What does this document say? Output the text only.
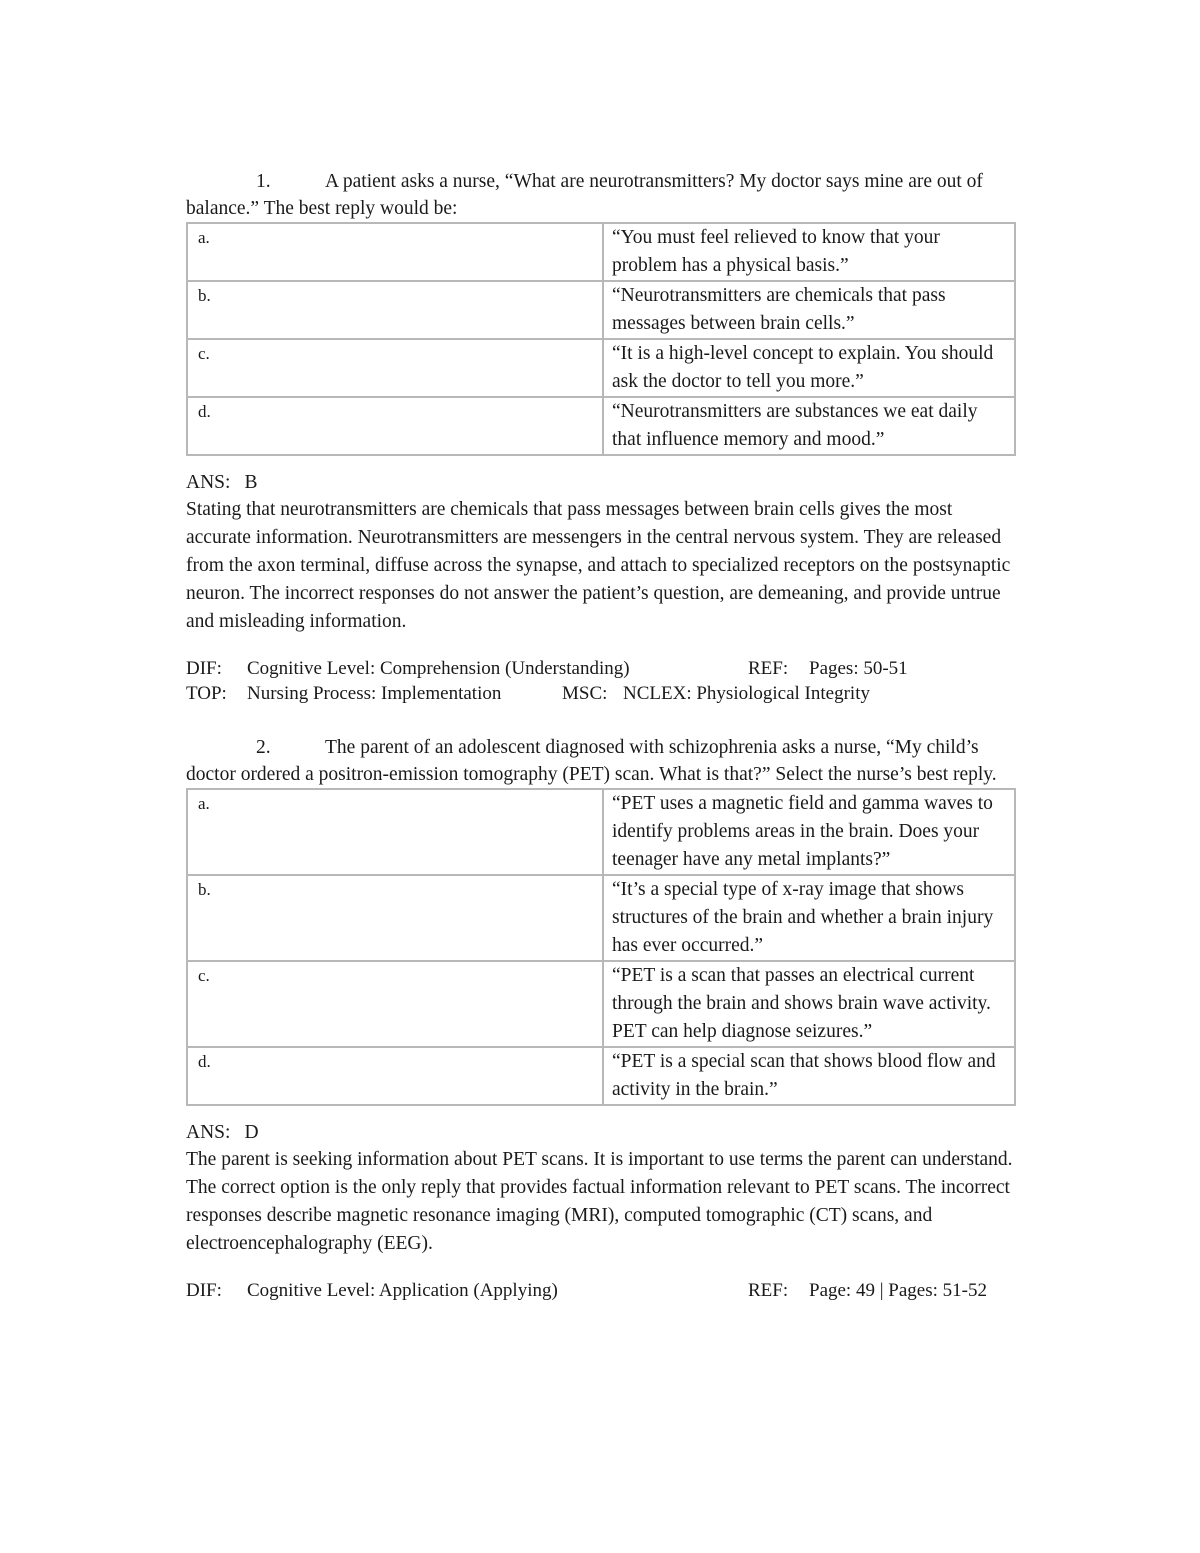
1.	A patient asks a nurse, “What are neurotransmitters? My doctor says mine are out of balance.” The best reply would be:

a.	“You must feel relieved to know that your problem has a physical basis.”
b.	“Neurotransmitters are chemicals that pass messages between brain cells.”
c.	“It is a high-level concept to explain. You should ask the doctor to tell you more.”
d.	“Neurotransmitters are substances we eat daily that influence memory and mood.”

ANS: B

Stating that neurotransmitters are chemicals that pass messages between brain cells gives the most accurate information. Neurotransmitters are messengers in the central nervous system. They are released from the axon terminal, diffuse across the synapse, and attach to specialized receptors on the postsynaptic neuron. The incorrect responses do not answer the patient’s question, are demeaning, and provide untrue and misleading information.

DIF: Cognitive Level: Comprehension (Understanding)	REF: Pages: 50-51

TOP: Nursing Process: Implementation	MSC: NCLEX: Physiological Integrity

2.	The parent of an adolescent diagnosed with schizophrenia asks a nurse, “My child’s doctor ordered a positron-emission tomography (PET) scan. What is that?” Select the nurse’s best reply.

a.	“PET uses a magnetic field and gamma waves to identify problems areas in the brain. Does your teenager have any metal implants?”
b.	“It’s a special type of x-ray image that shows structures of the brain and whether a brain injury has ever occurred.”
c.	“PET is a scan that passes an electrical current through the brain and shows brain wave activity. PET can help diagnose seizures.”
d.	“PET is a special scan that shows blood flow and activity in the brain.”

ANS: D

The parent is seeking information about PET scans. It is important to use terms the parent can understand. The correct option is the only reply that provides factual information relevant to PET scans. The incorrect responses describe magnetic resonance imaging (MRI), computed tomographic (CT) scans, and electroencephalography (EEG).

DIF: Cognitive Level: Application (Applying)	REF: Page: 49 | Pages: 51-52
